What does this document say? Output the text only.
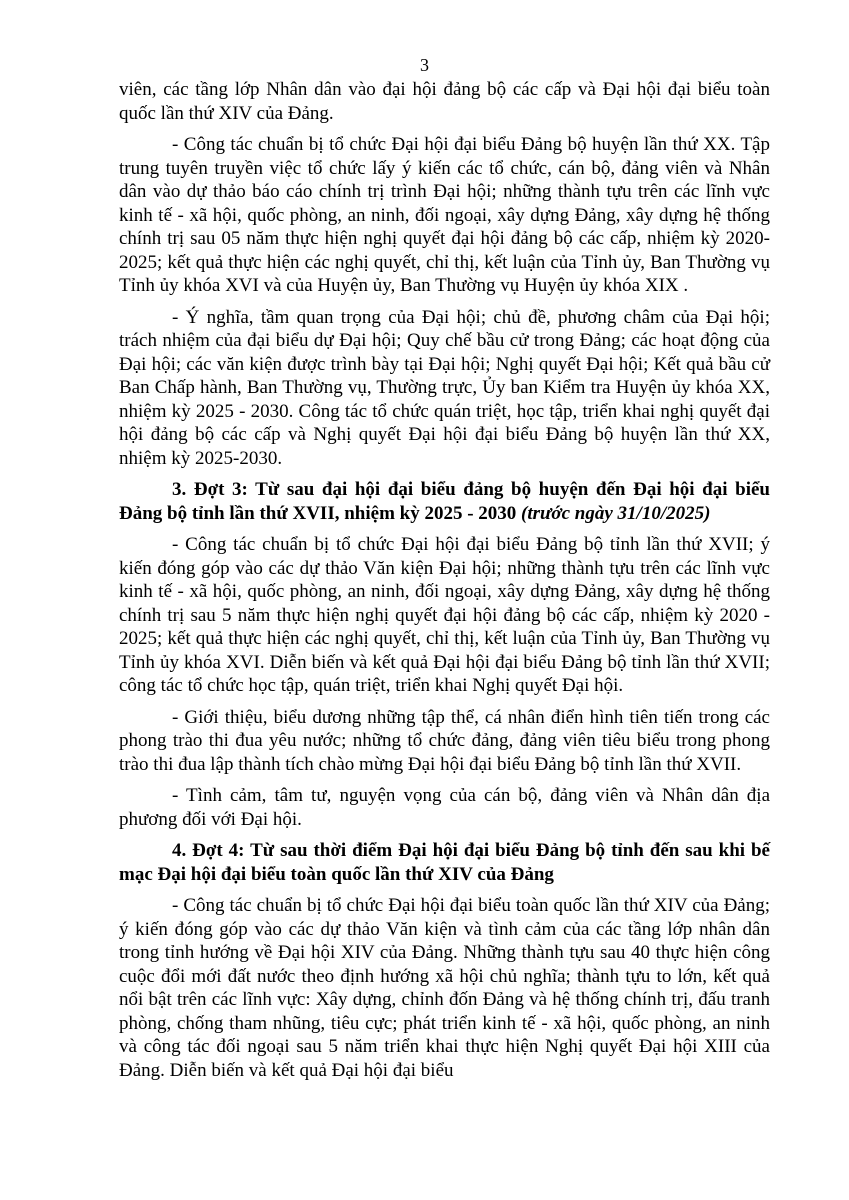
3

viên, các tầng lớp Nhân dân vào đại hội đảng bộ các cấp và Đại hội đại biểu toàn quốc lần thứ XIV của Đảng.

- Công tác chuẩn bị tổ chức Đại hội đại biểu Đảng bộ huyện lần thứ XX. Tập trung tuyên truyền việc tổ chức lấy ý kiến các tổ chức, cán bộ, đảng viên và Nhân dân vào dự thảo báo cáo chính trị trình Đại hội; những thành tựu trên các lĩnh vực kinh tế - xã hội, quốc phòng, an ninh, đối ngoại, xây dựng Đảng, xây dựng hệ thống chính trị sau 05 năm thực hiện nghị quyết đại hội đảng bộ các cấp, nhiệm kỳ 2020-2025; kết quả thực hiện các nghị quyết, chỉ thị, kết luận của Tỉnh ủy, Ban Thường vụ Tỉnh ủy khóa XVI và của Huyện ủy, Ban Thường vụ Huyện ủy khóa XIX .

- Ý nghĩa, tầm quan trọng của Đại hội; chủ đề, phương châm của Đại hội; trách nhiệm của đại biểu dự Đại hội; Quy chế bầu cử trong Đảng; các hoạt động của Đại hội; các văn kiện được trình bày tại Đại hội; Nghị quyết Đại hội; Kết quả bầu cử Ban Chấp hành, Ban Thường vụ, Thường trực, Ủy ban Kiểm tra Huyện ủy khóa XX, nhiệm kỳ 2025 - 2030. Công tác tổ chức quán triệt, học tập, triển khai nghị quyết đại hội đảng bộ các cấp và Nghị quyết Đại hội đại biểu Đảng bộ huyện lần thứ XX, nhiệm kỳ 2025-2030.

3. Đợt 3: Từ sau đại hội đại biểu đảng bộ huyện đến Đại hội đại biểu Đảng bộ tỉnh lần thứ XVII, nhiệm kỳ 2025 - 2030 (trước ngày 31/10/2025)

- Công tác chuẩn bị tổ chức Đại hội đại biểu Đảng bộ tỉnh lần thứ XVII; ý kiến đóng góp vào các dự thảo Văn kiện Đại hội; những thành tựu trên các lĩnh vực kinh tế - xã hội, quốc phòng, an ninh, đối ngoại, xây dựng Đảng, xây dựng hệ thống chính trị sau 5 năm thực hiện nghị quyết đại hội đảng bộ các cấp, nhiệm kỳ 2020 - 2025; kết quả thực hiện các nghị quyết, chỉ thị, kết luận của Tỉnh ủy, Ban Thường vụ Tỉnh ủy khóa XVI. Diễn biến và kết quả Đại hội đại biểu Đảng bộ tỉnh lần thứ XVII; công tác tổ chức học tập, quán triệt, triển khai Nghị quyết Đại hội.

- Giới thiệu, biểu dương những tập thể, cá nhân điển hình tiên tiến trong các phong trào thi đua yêu nước; những tổ chức đảng, đảng viên tiêu biểu trong phong trào thi đua lập thành tích chào mừng Đại hội đại biểu Đảng bộ tỉnh lần thứ XVII.

- Tình cảm, tâm tư, nguyện vọng của cán bộ, đảng viên và Nhân dân địa phương đối với Đại hội.

4. Đợt 4: Từ sau thời điểm Đại hội đại biểu Đảng bộ tỉnh đến sau khi bế mạc Đại hội đại biểu toàn quốc lần thứ XIV của Đảng

- Công tác chuẩn bị tổ chức Đại hội đại biểu toàn quốc lần thứ XIV của Đảng; ý kiến đóng góp vào các dự thảo Văn kiện và tình cảm của các tầng lớp nhân dân trong tỉnh hướng về Đại hội XIV của Đảng. Những thành tựu sau 40 thực hiện công cuộc đổi mới đất nước theo định hướng xã hội chủ nghĩa; thành tựu to lớn, kết quả nổi bật trên các lĩnh vực: Xây dựng, chỉnh đốn Đảng và hệ thống chính trị, đấu tranh phòng, chống tham nhũng, tiêu cực; phát triển kinh tế - xã hội, quốc phòng, an ninh và công tác đối ngoại sau 5 năm triển khai thực hiện Nghị quyết Đại hội XIII của Đảng. Diễn biến và kết quả Đại hội đại biểu
